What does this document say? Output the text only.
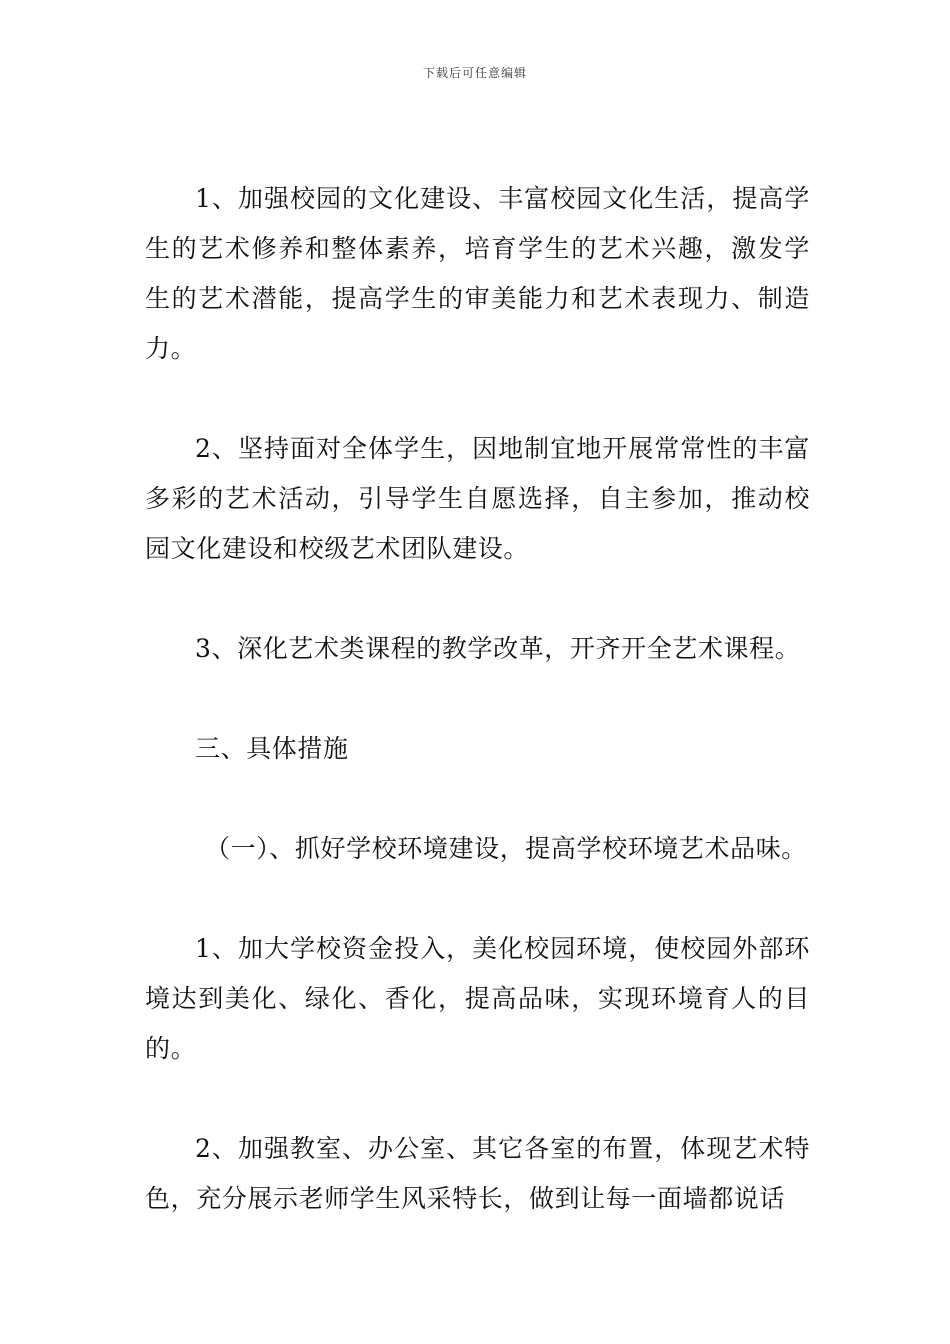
下载后可任意编辑

1、加强校园的文化建设、丰富校园文化生活，提高学生的艺术修养和整体素养，培育学生的艺术兴趣，激发学生的艺术潜能，提高学生的审美能力和艺术表现力、制造力。

2、坚持面对全体学生，因地制宜地开展常常性的丰富多彩的艺术活动，引导学生自愿选择，自主参加，推动校园文化建设和校级艺术团队建设。

3、深化艺术类课程的教学改革，开齐开全艺术课程。

三、具体措施

（一）、抓好学校环境建设，提高学校环境艺术品味。

1、加大学校资金投入，美化校园环境，使校园外部环境达到美化、绿化、香化，提高品味，实现环境育人的目的。

2、加强教室、办公室、其它各室的布置，体现艺术特色，充分展示老师学生风采特长，做到让每一面墙都说话
